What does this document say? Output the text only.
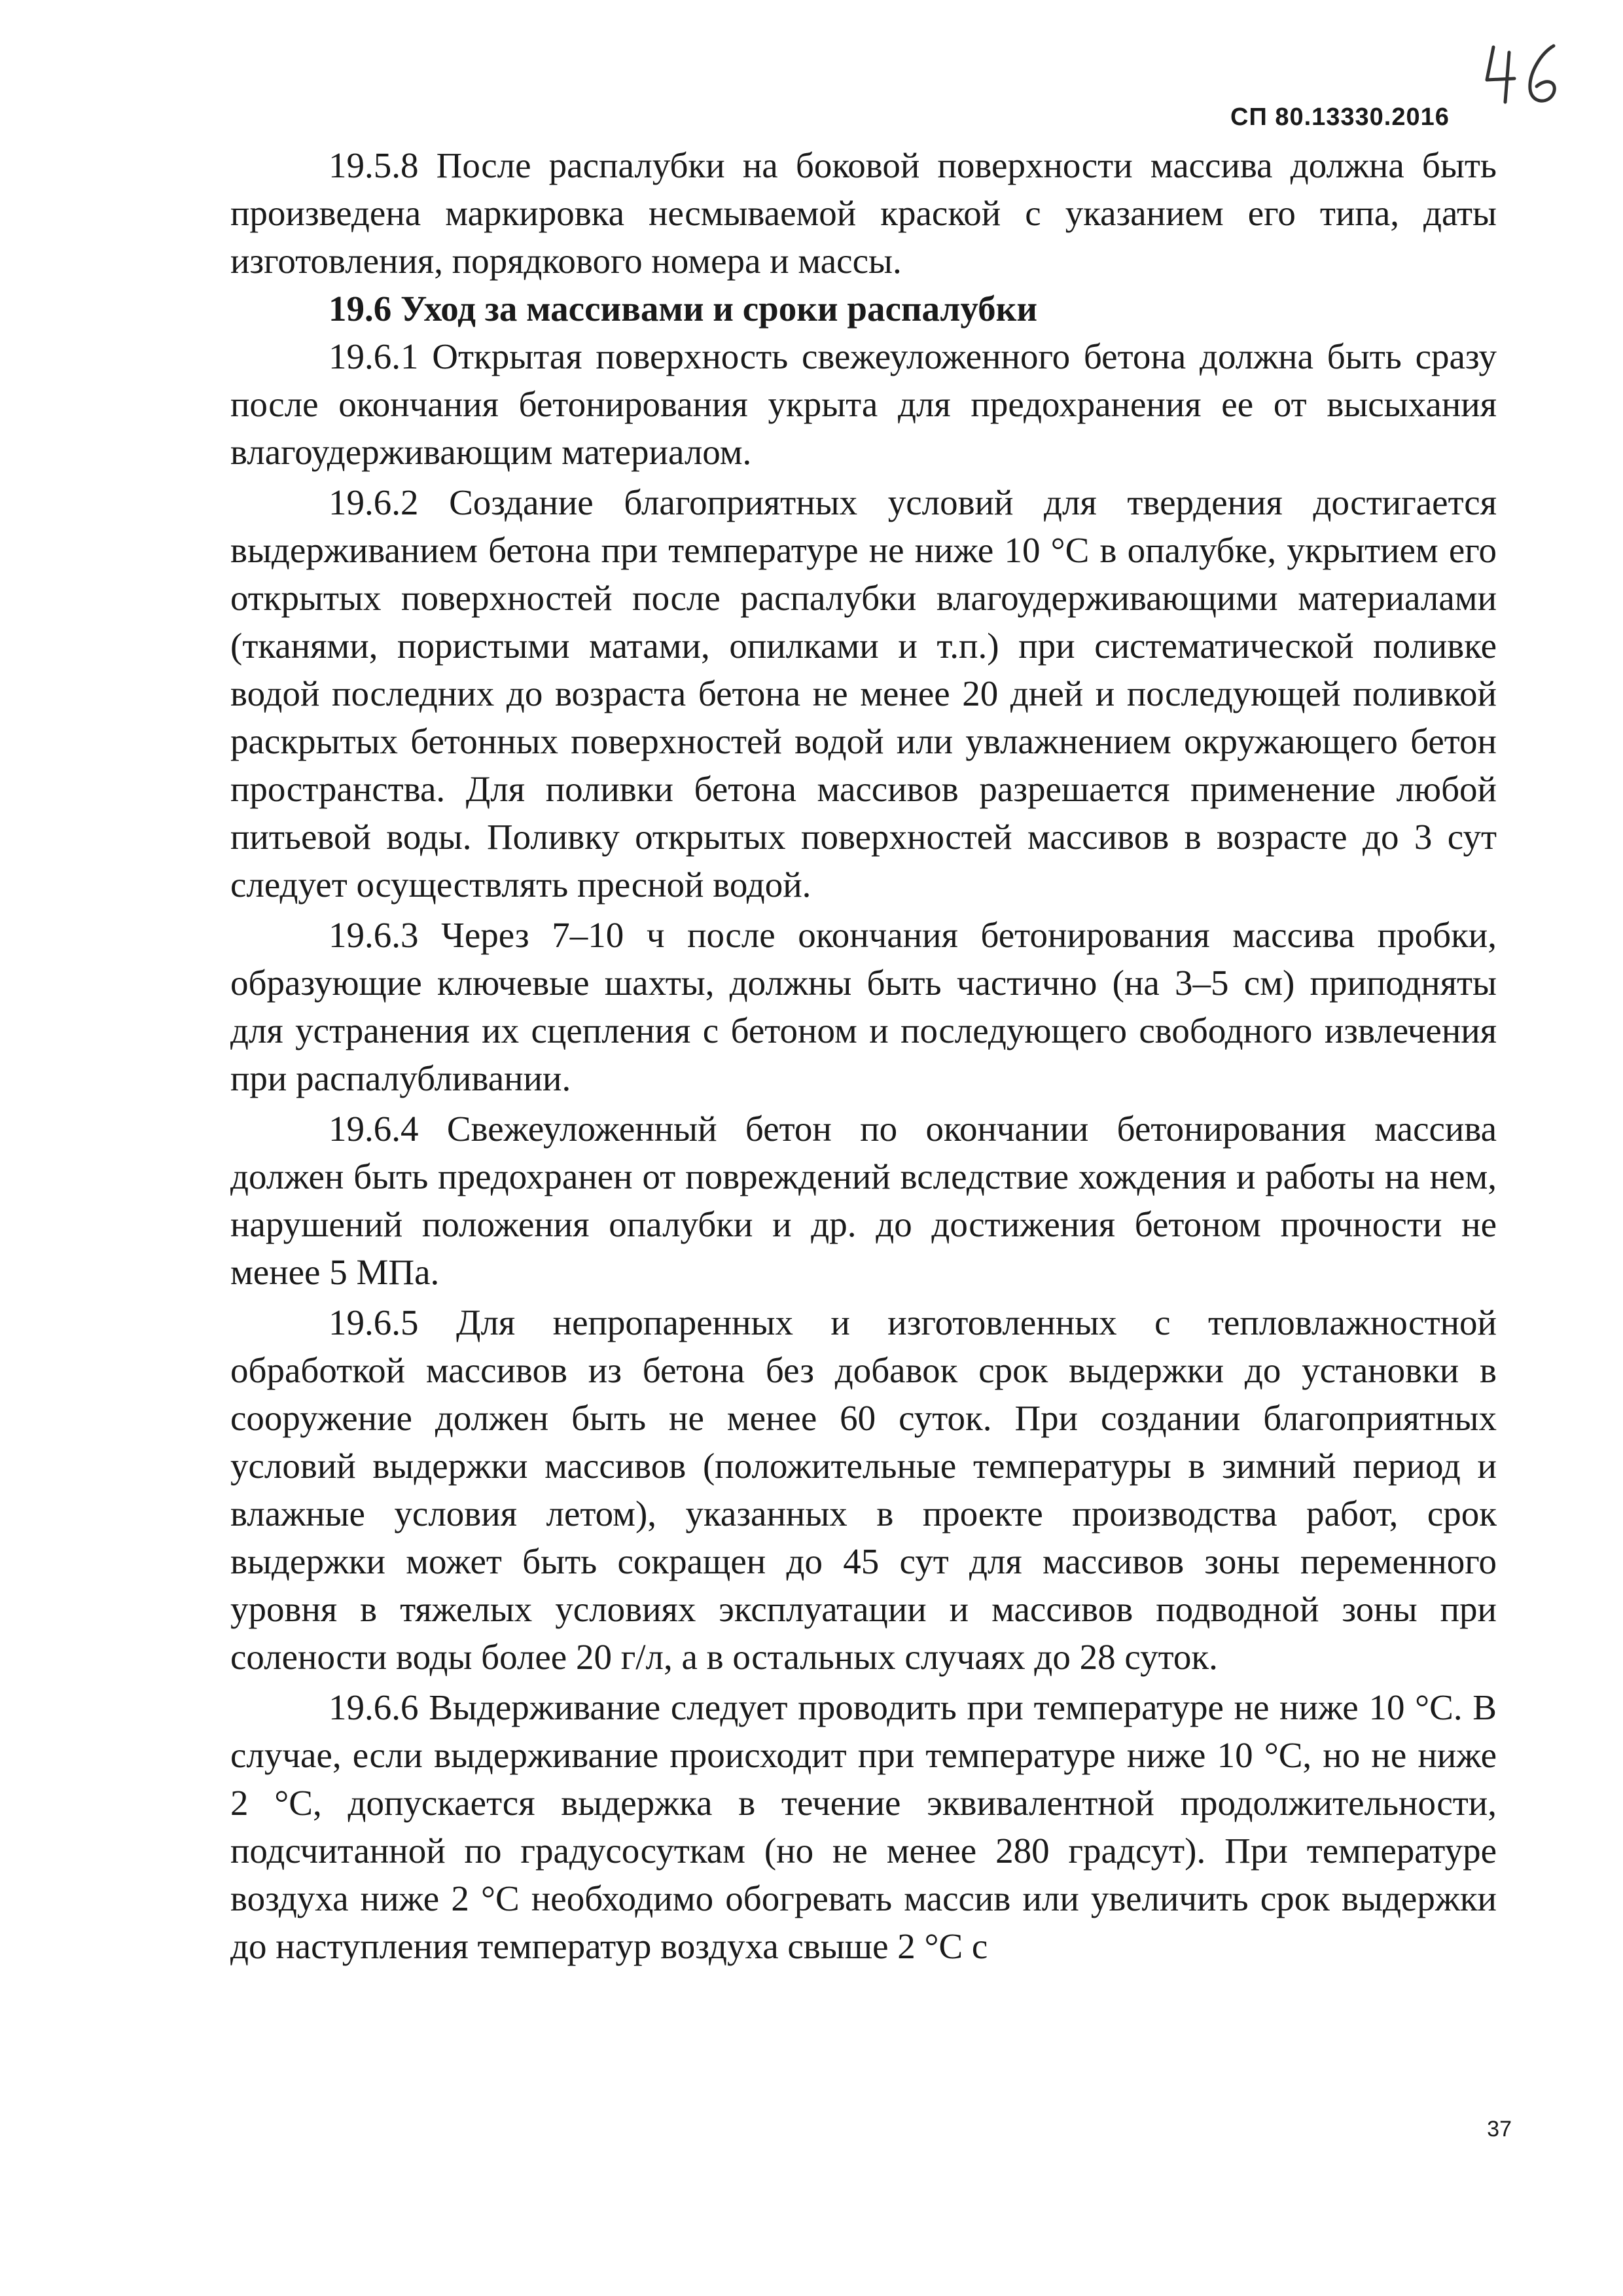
СП 80.13330.2016

19.5.8 После распалубки на боковой поверхности массива должна быть произведена маркировка несмываемой краской с указанием его типа, даты изготовления, порядкового номера и массы.

19.6 Уход за массивами и сроки распалубки

19.6.1 Открытая поверхность свежеуложенного бетона должна быть сразу после окончания бетонирования укрыта для предохранения ее от высыхания влагоудерживающим материалом.

19.6.2 Создание благоприятных условий для твердения достигается выдерживанием бетона при температуре не ниже 10 °С в опалубке, укрытием его открытых поверхностей после распалубки влагоудерживающими материалами (тканями, пористыми матами, опилками и т.п.) при систематической поливке водой последних до возраста бетона не менее 20 дней и последующей поливкой раскрытых бетонных поверхностей водой или увлажнением окружающего бетон пространства. Для поливки бетона массивов разрешается применение любой питьевой воды. Поливку открытых поверхностей массивов в возрасте до 3 сут следует осуществлять пресной водой.

19.6.3 Через 7–10 ч после окончания бетонирования массива пробки, образующие ключевые шахты, должны быть частично (на 3–5 см) приподняты для устранения их сцепления с бетоном и последующего свободного извлечения при распалубливании.

19.6.4 Свежеуложенный бетон по окончании бетонирования массива должен быть предохранен от повреждений вследствие хождения и работы на нем, нарушений положения опалубки и др. до достижения бетоном прочности не менее 5 МПа.

19.6.5 Для непропаренных и изготовленных с тепловлажностной обработкой массивов из бетона без добавок срок выдержки до установки в сооружение должен быть не менее 60 суток. При создании благоприятных условий выдержки массивов (положительные температуры в зимний период и влажные условия летом), указанных в проекте производства работ, срок выдержки может быть сокращен до 45 сут для массивов зоны переменного уровня в тяжелых условиях эксплуатации и массивов подводной зоны при солености воды более 20 г/л, а в остальных случаях до 28 суток.

19.6.6 Выдерживание следует проводить при температуре не ниже 10 °С. В случае, если выдерживание происходит при температуре ниже 10 °С, но не ниже 2 °С, допускается выдержка в течение эквивалентной продолжительности, подсчитанной по градусосуткам (но не менее 280 градсут). При температуре воздуха ниже 2 °С необходимо обогревать массив или увеличить срок выдержки до наступления температур воздуха свыше 2 °С с

37
